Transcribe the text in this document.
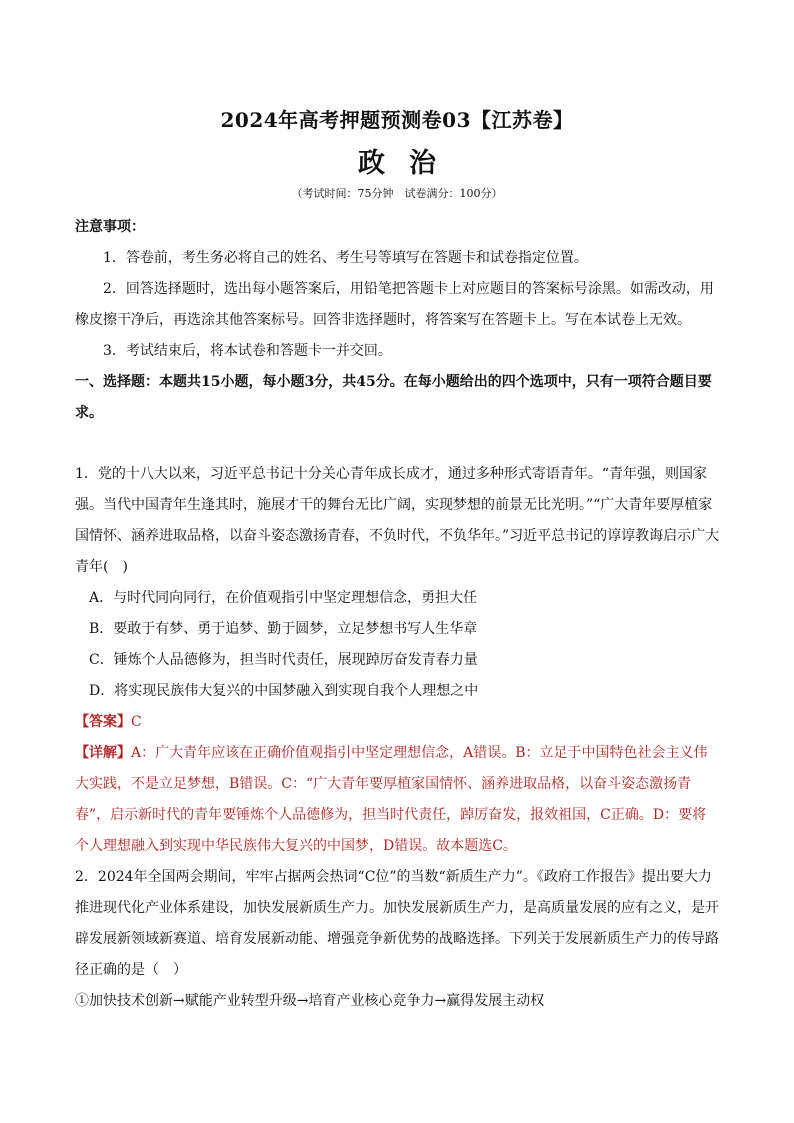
2024年高考押题预测卷03【江苏卷】
政治
（考试时间：75分钟　试卷满分：100分）

注意事项：

1．答卷前，考生务必将自己的姓名、考生号等填写在答题卡和试卷指定位置。

2．回答选择题时，选出每小题答案后，用铅笔把答题卡上对应题目的答案标号涂黑。如需改动，用橡皮擦干净后，再选涂其他答案标号。回答非选择题时，将答案写在答题卡上。写在本试卷上无效。

3．考试结束后，将本试卷和答题卡一并交回。

一、选择题：本题共15小题，每小题3分，共45分。在每小题给出的四个选项中，只有一项符合题目要求。

1．党的十八大以来，习近平总书记十分关心青年成长成才，通过多种形式寄语青年。“青年强，则国家强。当代中国青年生逢其时，施展才干的舞台无比广阔，实现梦想的前景无比光明。”“广大青年要厚植家国情怀、涵养进取品格，以奋斗姿态激扬青春，不负时代，不负华年。”习近平总书记的谆谆教诲启示广大青年(　)

A．与时代同向同行，在价值观指引中坚定理想信念，勇担大任

B．要敢于有梦、勇于追梦、勤于圆梦，立足梦想书写人生华章

C．锤炼个人品德修为，担当时代责任，展现踔厉奋发青春力量

D．将实现民族伟大复兴的中国梦融入到实现自我个人理想之中

【答案】C

【详解】A：广大青年应该在正确价值观指引中坚定理想信念，A错误。B：立足于中国特色社会主义伟大实践，不是立足梦想，B错误。C：“广大青年要厚植家国情怀、涵养进取品格，以奋斗姿态激扬青春”，启示新时代的青年要锤炼个人品德修为，担当时代责任，踔厉奋发，报效祖国，C正确。D：要将个人理想融入到实现中华民族伟大复兴的中国梦，D错误。故本题选C。

2．2024年全国两会期间，牢牢占据两会热词“C位”的当数“新质生产力”。《政府工作报告》提出要大力推进现代化产业体系建设，加快发展新质生产力。加快发展新质生产力，是高质量发展的应有之义，是开辟发展新领域新赛道、培育发展新动能、增强竞争新优势的战略选择。下列关于发展新质生产力的传导路径正确的是（　）

①加快技术创新→赋能产业转型升级→培育产业核心竞争力→赢得发展主动权
